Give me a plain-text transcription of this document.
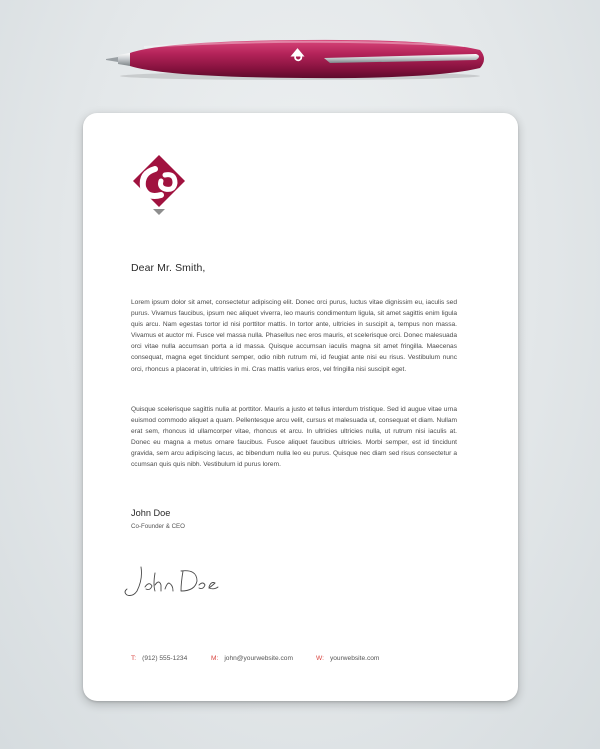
Dear Mr. Smith,

Lorem ipsum dolor sit amet, consectetur adipiscing elit. Donec orci purus, luctus vitae dignissim eu, iaculis sed purus. Vivamus faucibus, ipsum nec aliquet viverra, leo mauris condimentum ligula, sit amet sagittis enim ligula quis arcu. Nam egestas tortor id nisi porttitor mattis. In tortor ante, ultricies in suscipit a, tempus non massa. Vivamus et auctor mi. Fusce vel massa nulla. Phasellus nec eros mauris, et scelerisque orci. Donec malesuada orci vitae nulla accumsan porta a id massa. Quisque accumsan iaculis magna sit amet fringilla. Maecenas consequat, magna eget tincidunt semper, odio nibh rutrum mi, id feugiat ante nisi eu risus. Vestibulum nunc orci, rhoncus a placerat in, ultricies in mi. Cras mattis varius eros, vel fringilla nisi suscipit eget.

Quisque scelerisque sagittis nulla at porttitor. Mauris a justo et tellus interdum tristique. Sed id augue vitae urna euismod commodo aliquet a quam. Pellentesque arcu velit, cursus et malesuada ut, consequat et diam. Nullam erat sem, rhoncus id ullamcorper vitae, rhoncus et arcu. In ultricies ultricies nulla, ut rutrum nisi iaculis at. Donec eu magna a metus ornare faucibus. Fusce aliquet faucibus ultricies. Morbi semper, est id tincidunt gravida, sem arcu adipiscing lacus, ac bibendum nulla leo eu purus. Quisque nec diam sed risus consectetur a ccumsan quis quis nibh. Vestibulum id purus lorem.

John Doe
Co-Founder & CEO
T: (912) 555-1234	M: john@yourwebsite.com	W: yourwebsite.com
